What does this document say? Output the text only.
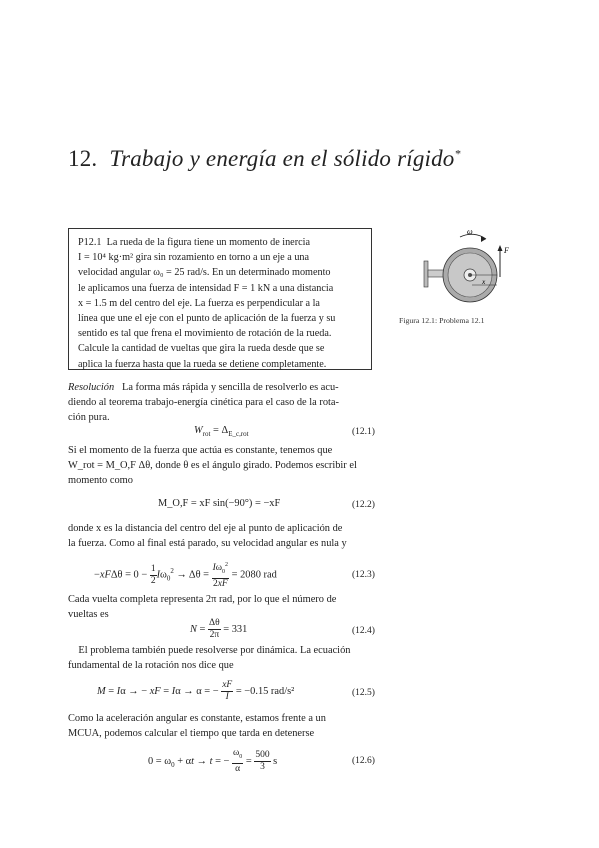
12. Trabajo y energía en el sólido rígido*
P12.1 La rueda de la figura tiene un momento de inercia
I = 10⁴ kg·m² gira sin rozamiento en torno a un eje a una
velocidad angular ω₀ = 25 rad/s. En un determinado momento
le aplicamos una fuerza de intensidad F = 1 kN a una distancia
x = 1.5 m del centro del eje. La fuerza es perpendicular a la
línea que une el eje con el punto de aplicación de la fuerza y su
sentido es tal que frena el movimiento de rotación de la rueda.
Calcule la cantidad de vueltas que gira la rueda desde que se
aplica la fuerza hasta que la rueda se detiene completamente.
ω
F
x
Figura 12.1: Problema 12.1
Resolución La forma más rápida y sencilla de resolverlo es acu-
diendo al teorema trabajo-energía cinética para el caso de la rota-
ción pura.
$W_{rot} = \Delta_{E\_c,rot}$	(12.1)
Si el momento de la fuerza que actúa es constante, tenemos que
W_rot = M_O,F Δθ, donde θ es el ángulo girado. Podemos escribir el
momento como
M_O,F = xF sin(−90°) = −xF	(12.2)
donde x es la distancia del centro del eje al punto de aplicación de
la fuerza. Como al final está parado, su velocidad angular es nula y
$-xF\Delta\theta = 0 - \frac{1}{2} I\omega_0^2 \to \Delta\theta = \frac{I\omega_0^2}{2xF} = 2080$ rad	(12.3)
Cada vuelta completa representa 2π rad, por lo que el número de
vueltas es
$N = \frac{\Delta\theta}{2\pi} = 331$	(12.4)
El problema también puede resolverse por dinámica. La ecuación
fundamental de la rotación nos dice que
M = Iα → − xF = Iα → α = − $\frac{xF}{I} = -0.15$ rad/s²	(12.5)
Como la aceleración angular es constante, estamos frente a un
MCUA, podemos calcular el tiempo que tarda en detenerse
$0 = \omega_0 + \alpha t \to t$ = − $\frac{\omega_0}{\alpha} = \frac{500}{3}$ s	(12.6)
